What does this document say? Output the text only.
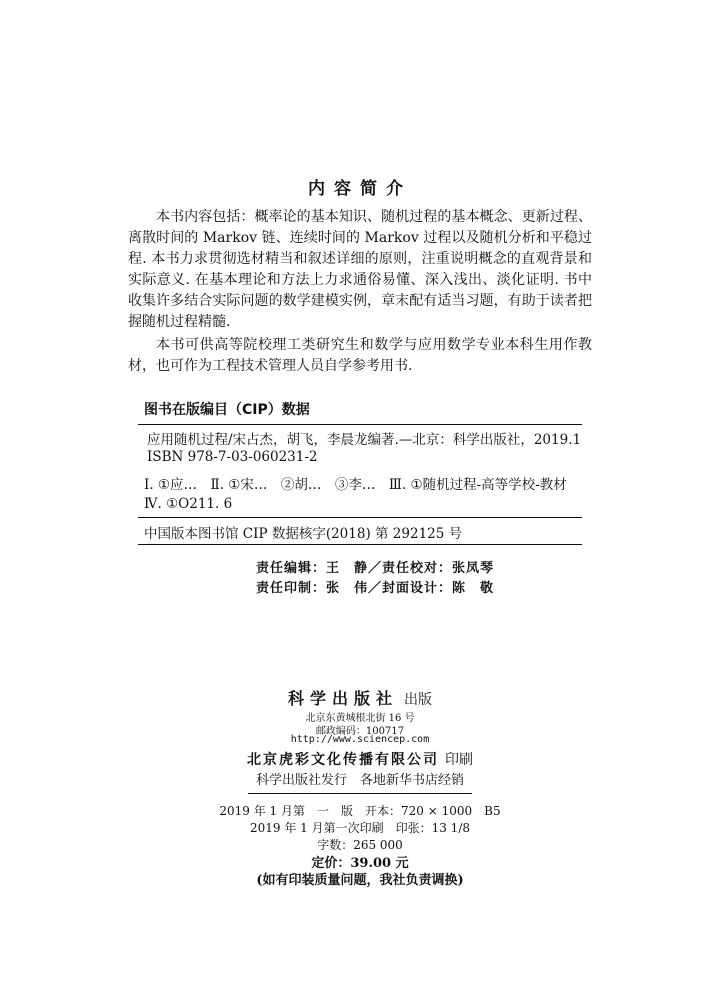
内容简介

本书内容包括：概率论的基本知识、随机过程的基本概念、更新过程、离散时间的 Markov 链、连续时间的 Markov 过程以及随机分析和平稳过程. 本书力求贯彻选材精当和叙述详细的原则，注重说明概念的直观背景和实际意义. 在基本理论和方法上力求通俗易懂、深入浅出、淡化证明. 书中收集许多结合实际问题的数学建模实例，章末配有适当习题，有助于读者把握随机过程精髓.

本书可供高等院校理工类研究生和数学与应用数学专业本科生用作教材，也可作为工程技术管理人员自学参考用书.

图书在版编目（CIP）数据
应用随机过程/宋占杰，胡飞，李晨龙编著.—北京：科学出版社，2019.1
ISBN 978-7-03-060231-2
Ⅰ. ①应…　Ⅱ. ①宋…　②胡…　③李…　Ⅲ. ①随机过程-高等学校-教材
Ⅳ. ①O211. 6
中国版本图书馆 CIP 数据核字(2018) 第 292125 号
责任编辑：王　静／责任校对：张凤琴
责任印制：张　伟／封面设计：陈　敬
科学出版社 出版
北京东黄城根北街 16 号
邮政编码：100717
http://www.sciencep.com
北京虎彩文化传播有限公司 印刷
科学出版社发行　各地新华书店经销
2019 年 1 月第　一　版　开本：720 × 1000　B5
2019 年 1 月第一次印刷　印张：13 1/8
字数：265 000
定价：39.00 元
(如有印装质量问题，我社负责调换)
